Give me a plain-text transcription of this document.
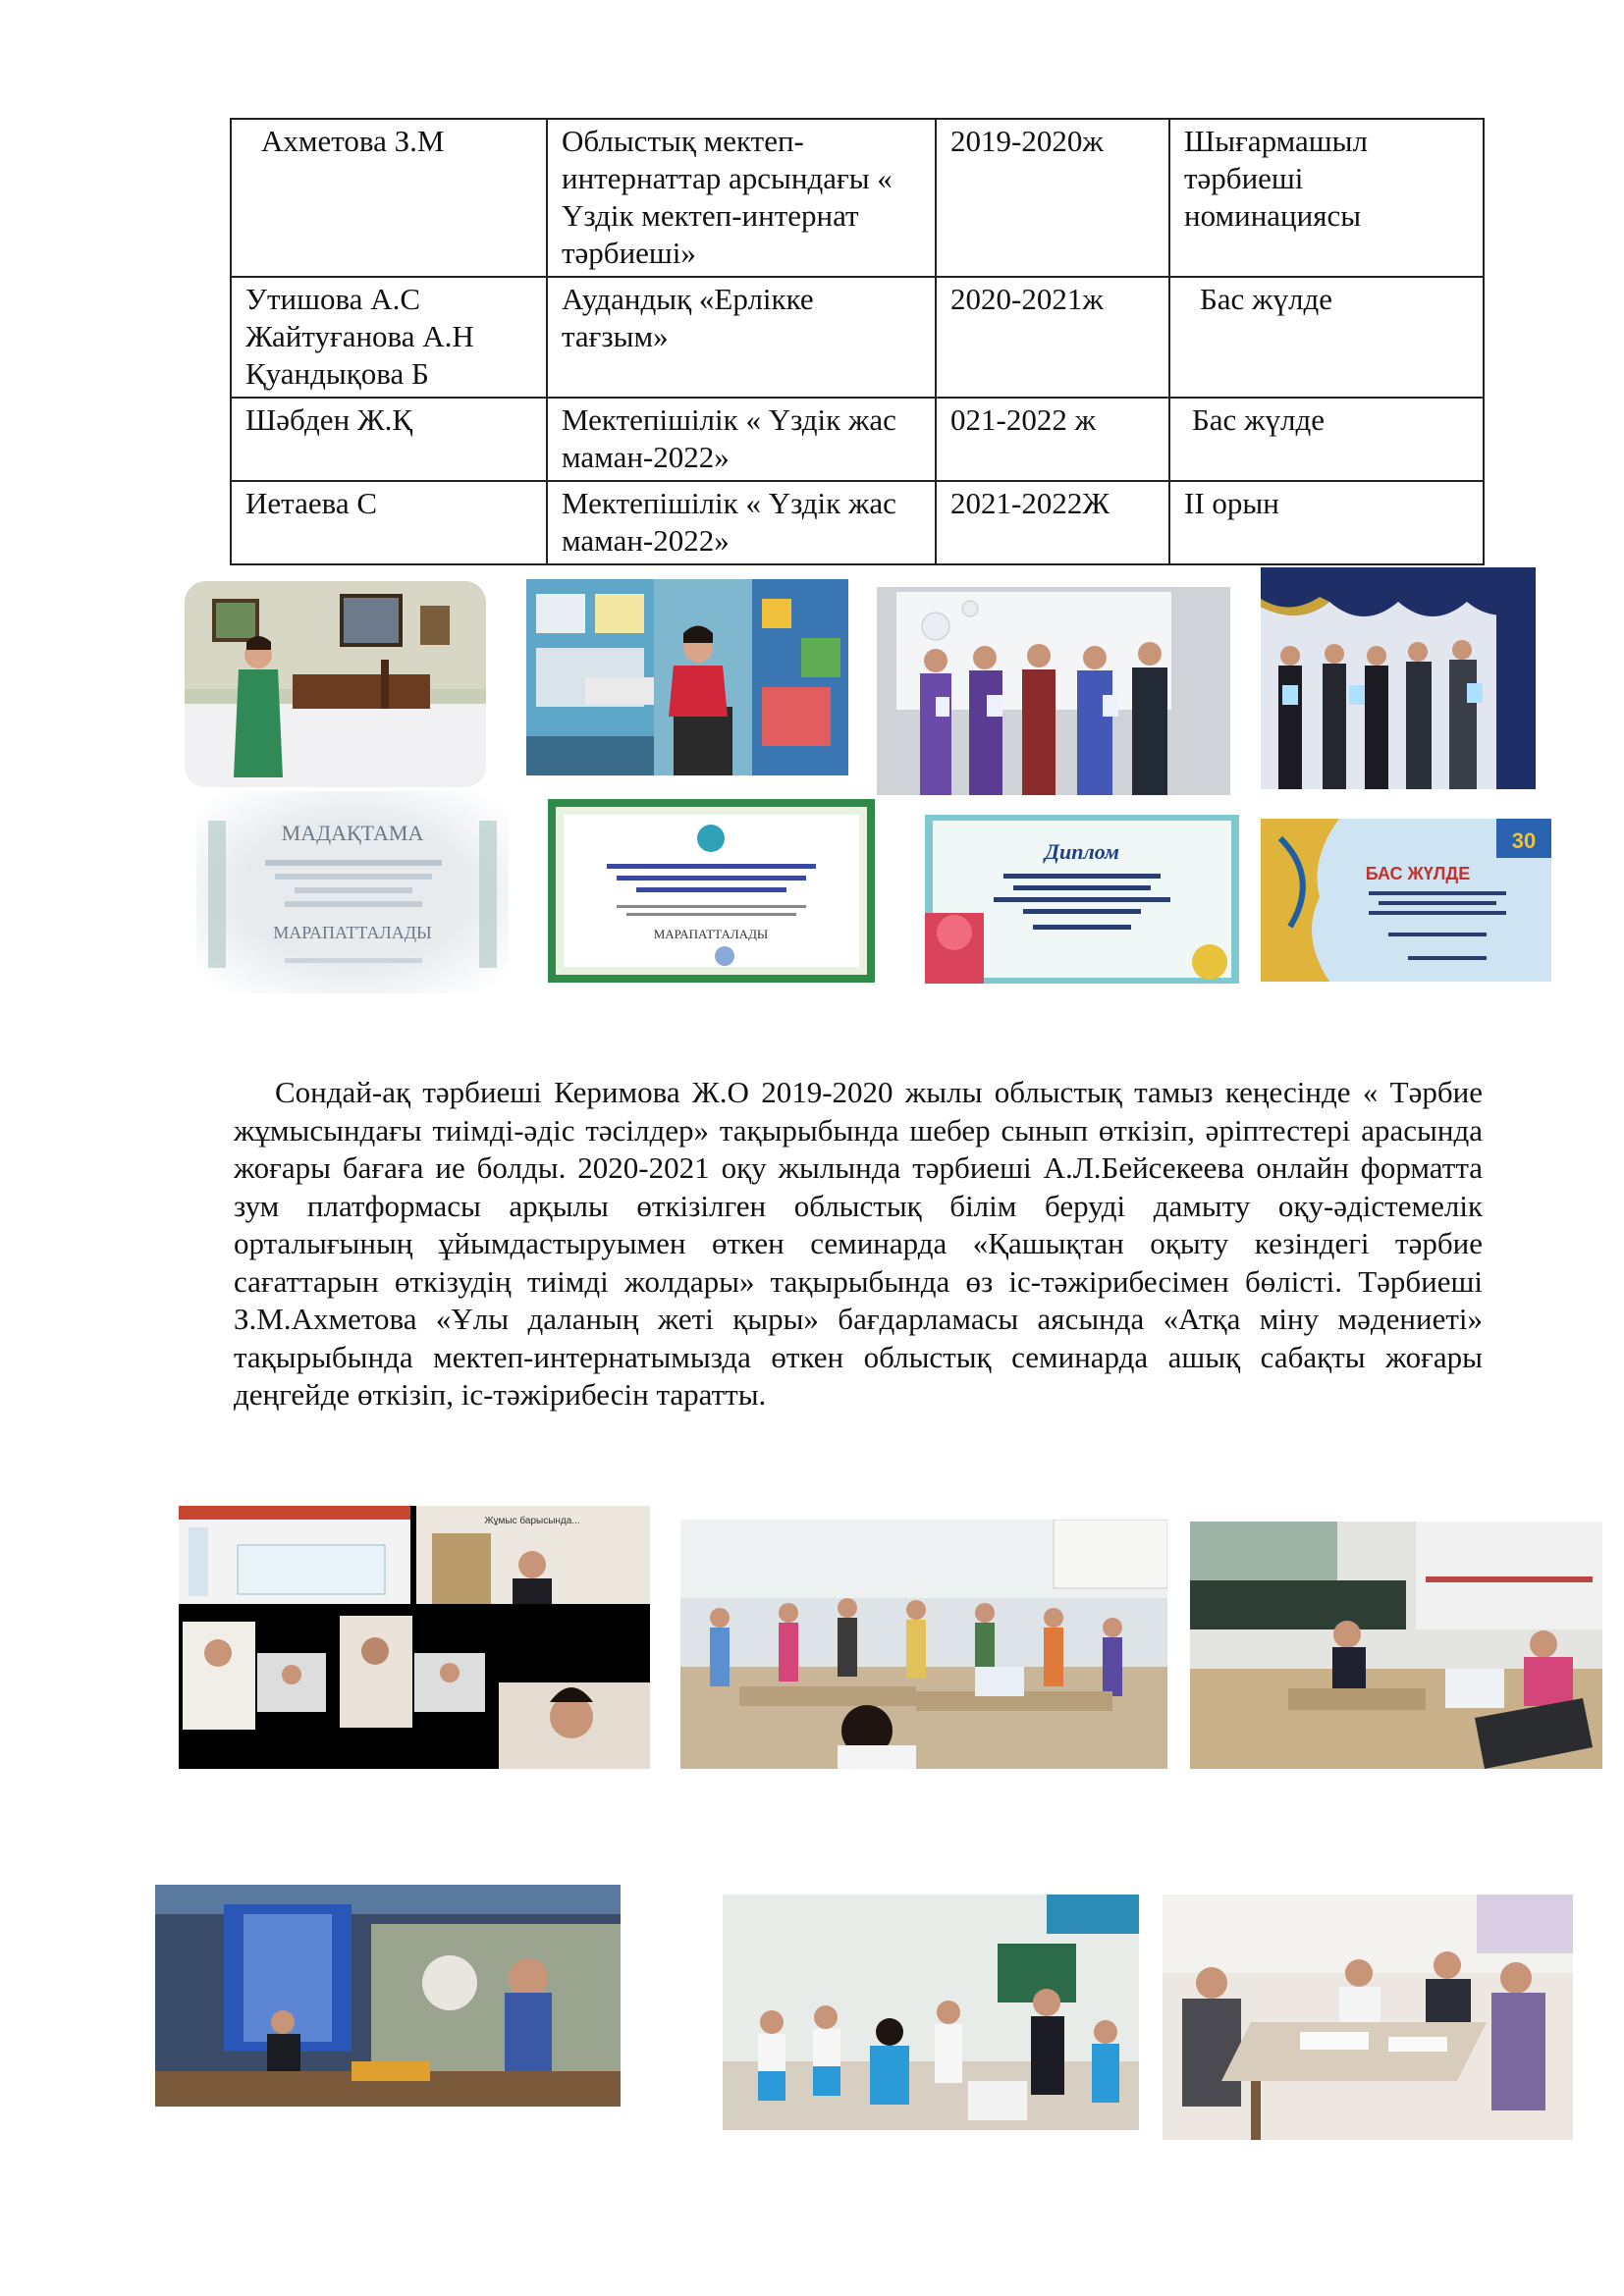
Ахметова З.М	Облыстық мектеп-интернаттар арсындағы « Үздік мектеп-интернат тәрбиеші»	2019-2020ж	Шығармашыл тәрбиеші номинациясы
Утишова А.С Жайтуғанова А.Н Қуандықова Б	Аудандық «Ерлікке тағзым»	2020-2021ж	Бас жүлде
Шәбден Ж.Қ	Мектепішілік « Үздік жас маман-2022»	021-2022 ж	Бас жүлде
Иетаева С	Мектепішілік « Үздік жас маман-2022»	2021-2022Ж	ІІ орын
МАДАҚТАМА
МАРАПАТТАЛАДЫ	МАРАПАТТАЛАДЫ
Диплом	30
БАС ЖҮЛДЕ

Сондай-ақ тәрбиеші Керимова Ж.О 2019-2020 жылы облыстық тамыз кеңесінде « Тәрбие жұмысындағы тиімді-әдіс тәсілдер» тақырыбында шебер сынып өткізіп, әріптестері арасында жоғары бағаға ие болды. 2020-2021 оқу жылында тәрбиеші А.Л.Бейсекеева онлайн форматта зум платформасы арқылы өткізілген облыстық білім беруді дамыту оқу-әдістемелік орталығының ұйымдастыруымен өткен семинарда «Қашықтан оқыту кезіндегі тәрбие сағаттарын өткізудің тиімді жолдары» тақырыбында өз іс-тәжірибесімен бөлісті. Тәрбиеші З.М.Ахметова «Ұлы даланың жеті қыры» бағдарламасы аясында «Атқа міну мәдениеті» тақырыбында мектеп-интернатымызда өткен облыстық семинарда ашық сабақты жоғары деңгейде өткізіп, іс-тәжірибесін таратты.

Жұмыс барысында...
